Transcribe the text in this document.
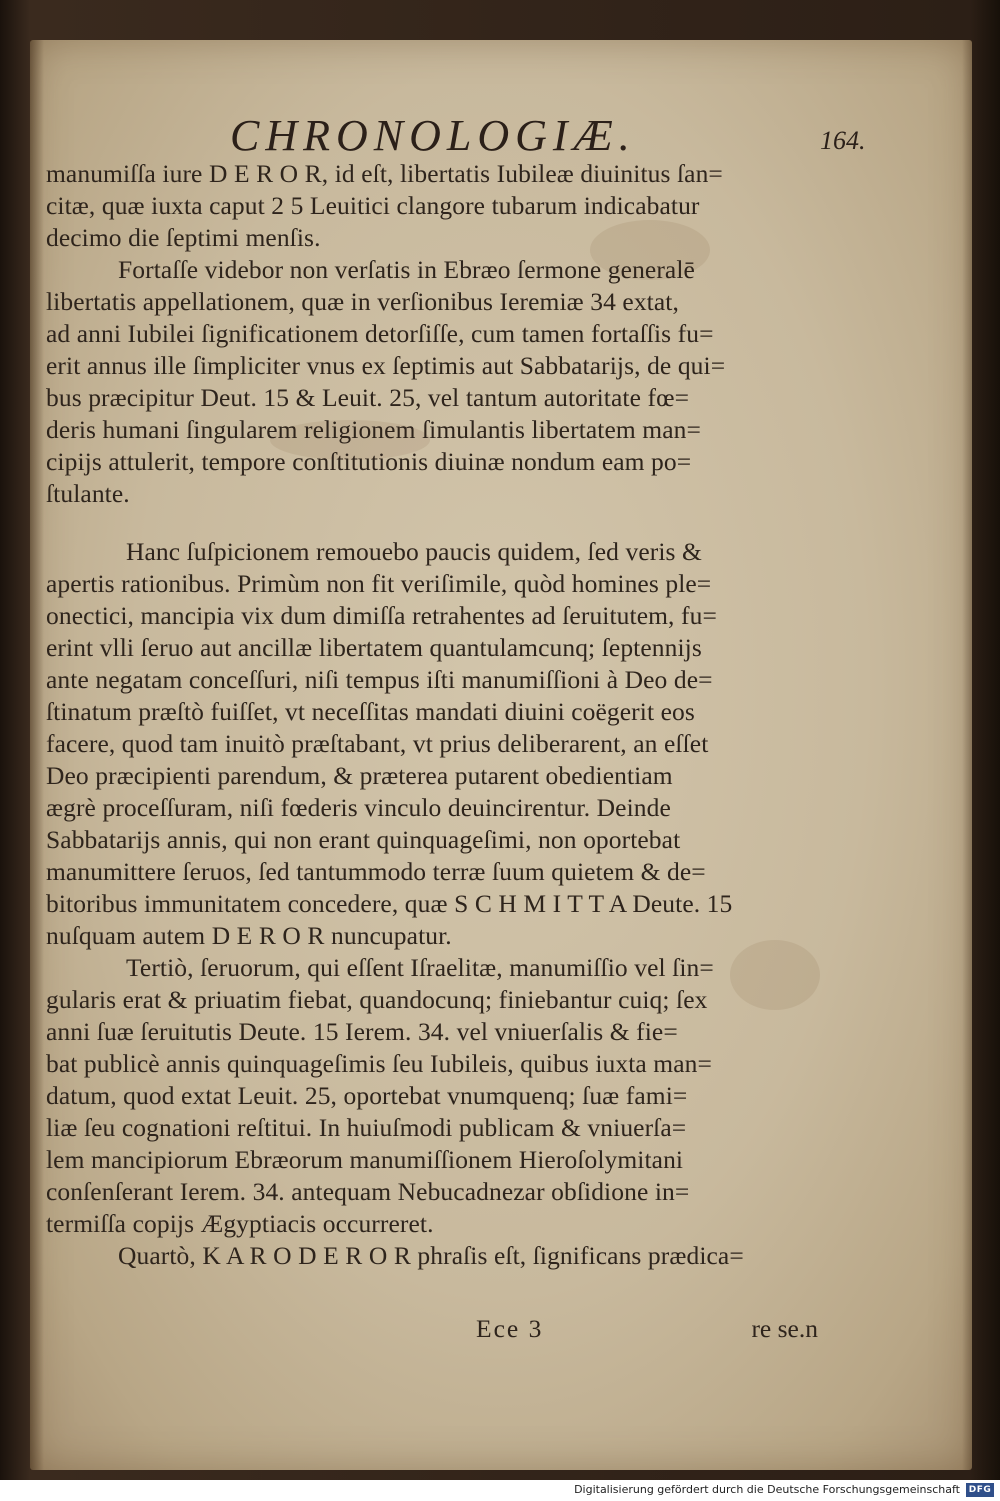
CHRONOLOGIÆ.	164.
manumiſſa iure D E R O R, id eſt, libertatis Iubileæ diuinitus ſan=
citæ, quæ iuxta caput 2 5 Leuitici clangore tubarum indicabatur
decimo die ſeptimi menſis.
Fortaſſe videbor non verſatis in Ebræo ſermone generalē
libertatis appellationem, quæ in verſionibus Ieremiæ 34 extat,
ad anni Iubilei ſignificationem detorſiſſe, cum tamen fortaſſis fu=
erit annus ille ſimpliciter vnus ex ſeptimis aut Sabbatarijs, de qui=
bus præcipitur Deut. 15 & Leuit. 25, vel tantum autoritate fœ=
deris humani ſingularem religionem ſimulantis libertatem man=
cipijs attulerit, tempore conſtitutionis diuinæ nondum eam po=
ſtulante.
Hanc ſuſpicionem remouebo paucis quidem, ſed veris &
apertis rationibus. Primùm non fit veriſimile, quòd homines ple=
onectici, mancipia vix dum dimiſſa retrahentes ad ſeruitutem, fu=
erint vlli ſeruo aut ancillæ libertatem quantulamcunq; ſeptennijs
ante negatam conceſſuri, niſi tempus iſti manumiſſioni à Deo de=
ſtinatum præſtò fuiſſet, vt neceſſitas mandati diuini coëgerit eos
facere, quod tam inuitò præſtabant, vt prius deliberarent, an eſſet
Deo præcipienti parendum, & præterea putarent obedientiam
ægrè proceſſuram, niſi fœderis vinculo deuincirentur. Deinde
Sabbatarijs annis, qui non erant quinquageſimi, non oportebat
manumittere ſeruos, ſed tantummodo terræ ſuum quietem & de=
bitoribus immunitatem concedere, quæ S C H M I T T A Deute. 15
nuſquam autem D E R O R nuncupatur.
Tertiò, ſeruorum, qui eſſent Iſraelitæ, manumiſſio vel ſin=
gularis erat & priuatim fiebat, quandocunq; finiebantur cuiq; ſex
anni ſuæ ſeruitutis Deute. 15 Ierem. 34. vel vniuerſalis & fie=
bat publicè annis quinquageſimis ſeu Iubileis, quibus iuxta man=
datum, quod extat Leuit. 25, oportebat vnumquenq; ſuæ fami=
liæ ſeu cognationi reſtitui. In huiuſmodi publicam & vniuerſa=
lem mancipiorum Ebræorum manumiſſionem Hieroſolymitani
conſenſerant Ierem. 34. antequam Nebucadnezar obſidione in=
termiſſa copijs Ægyptiacis occurreret.
Quartò, K A R O D E R O R phraſis eſt, ſignificans prædica=
Ece 3	re se.n
Digitalisierung gefördert durch die Deutsche Forschungsgemeinschaft DFG
